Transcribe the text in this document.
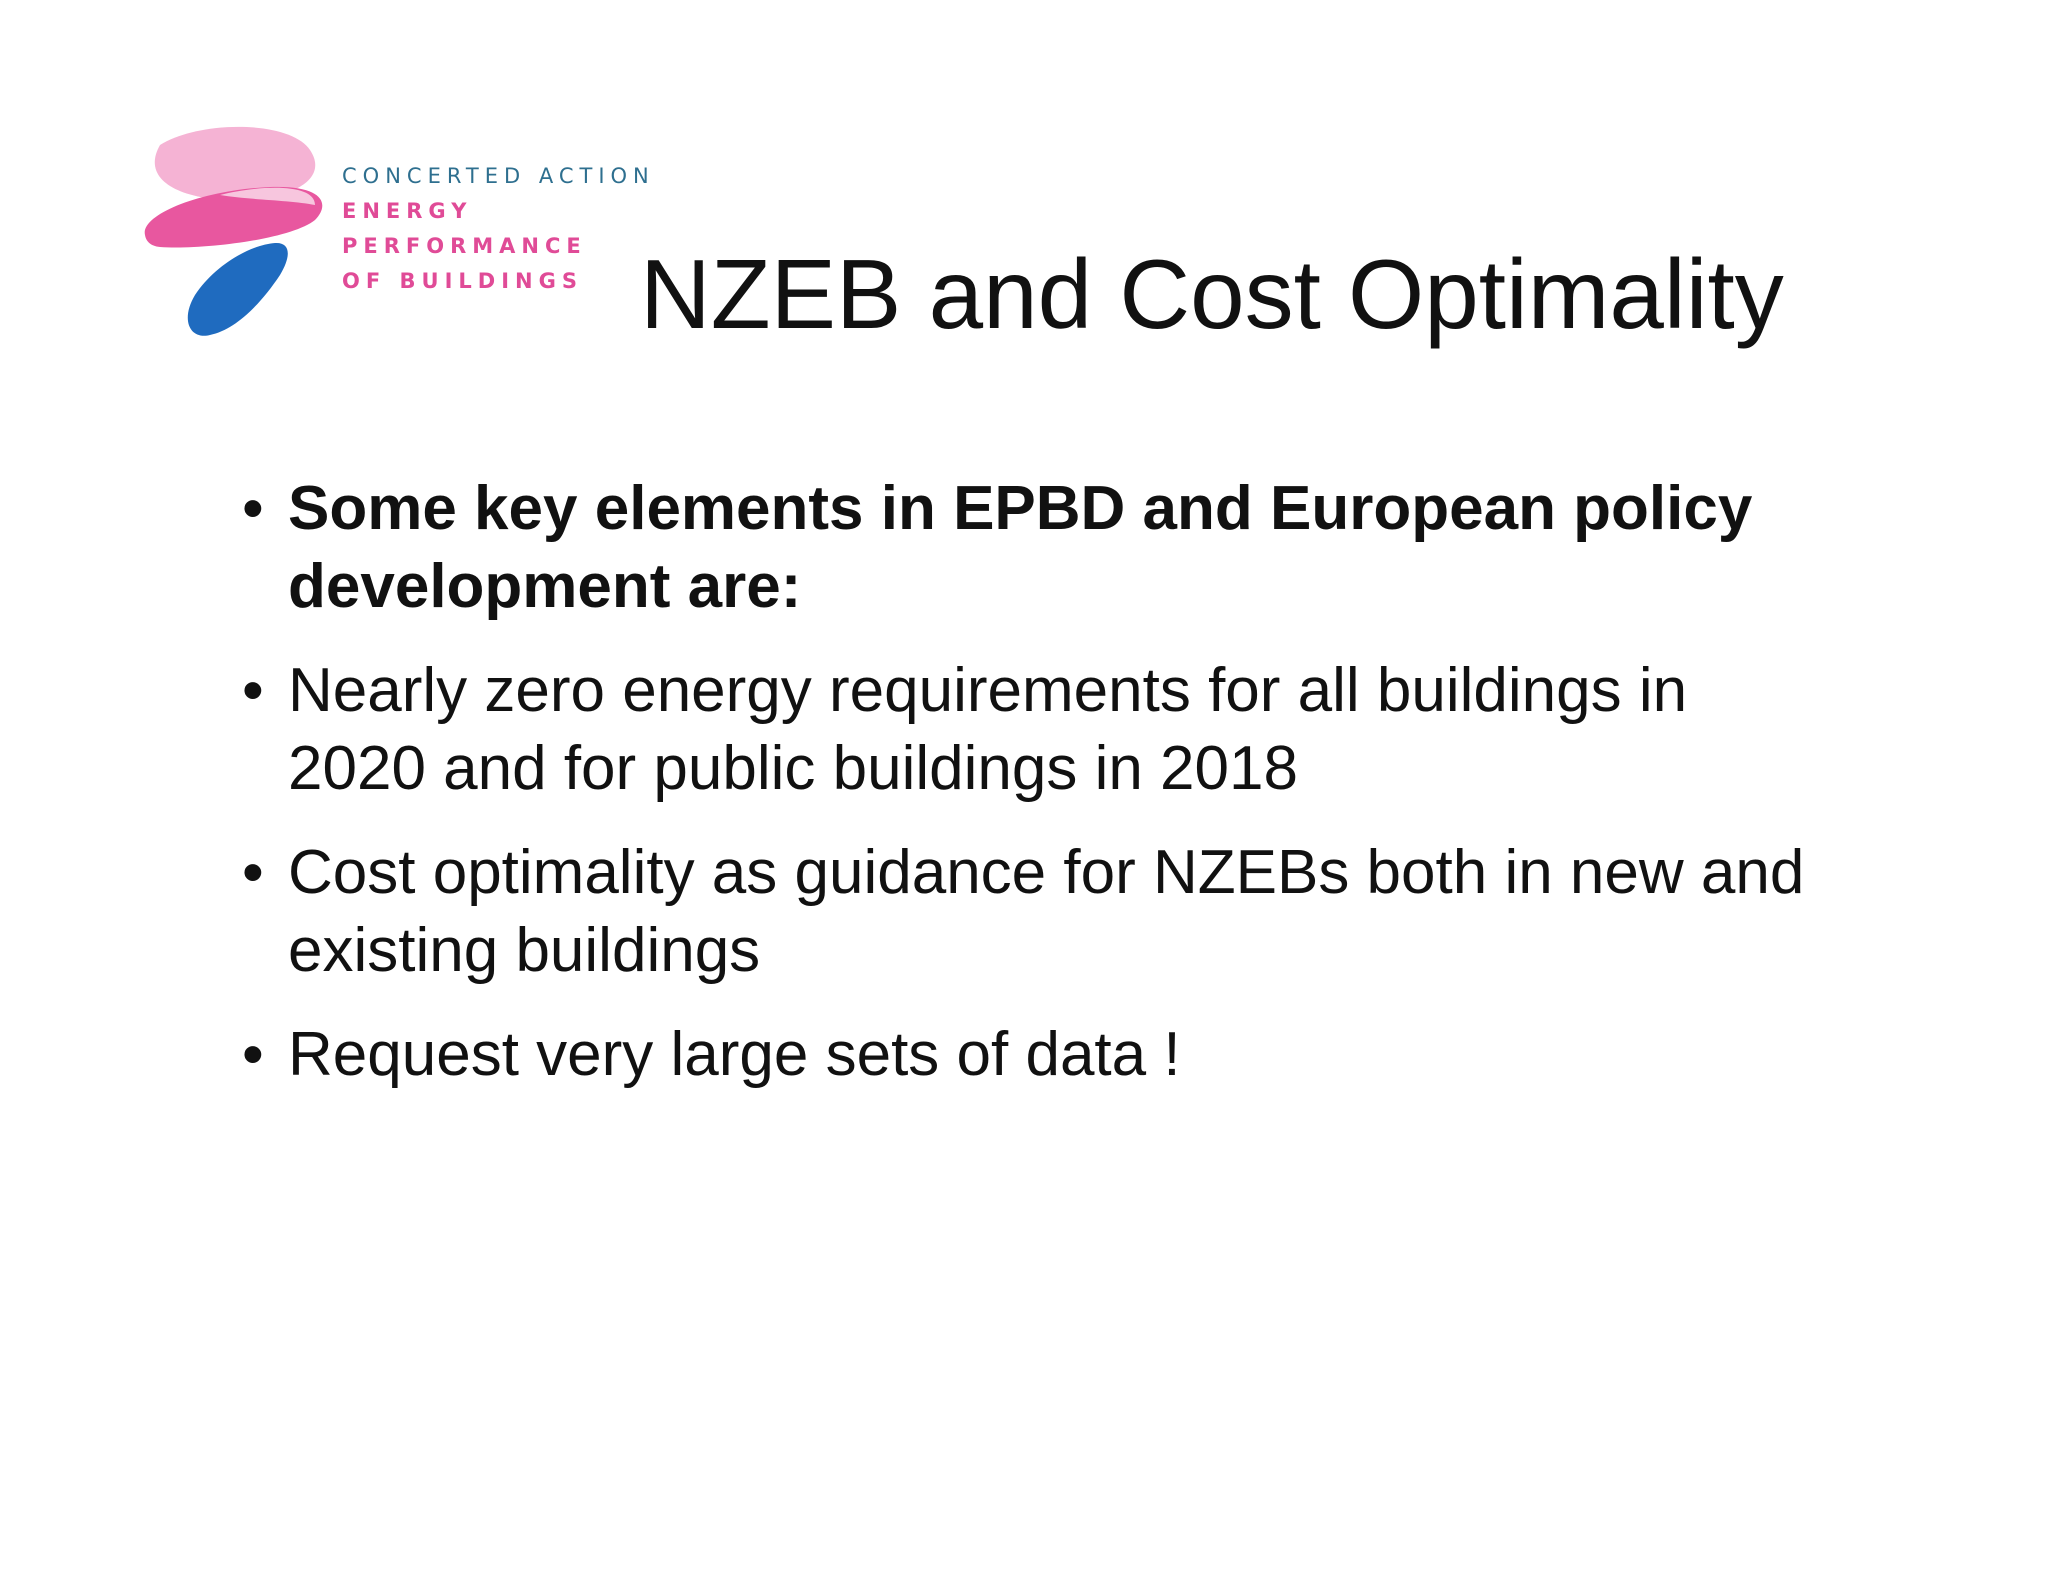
CONCERTED ACTION
ENERGY PERFORMANCE
OF BUILDINGS NZEB and Cost Optimality
• Some key elements in EPBD and European policy development are:
• Nearly zero energy requirements for all buildings in 2020 and for public buildings in 2018
• Cost optimality as guidance for NZEBs both in new and existing buildings
• Request very large sets of data !
